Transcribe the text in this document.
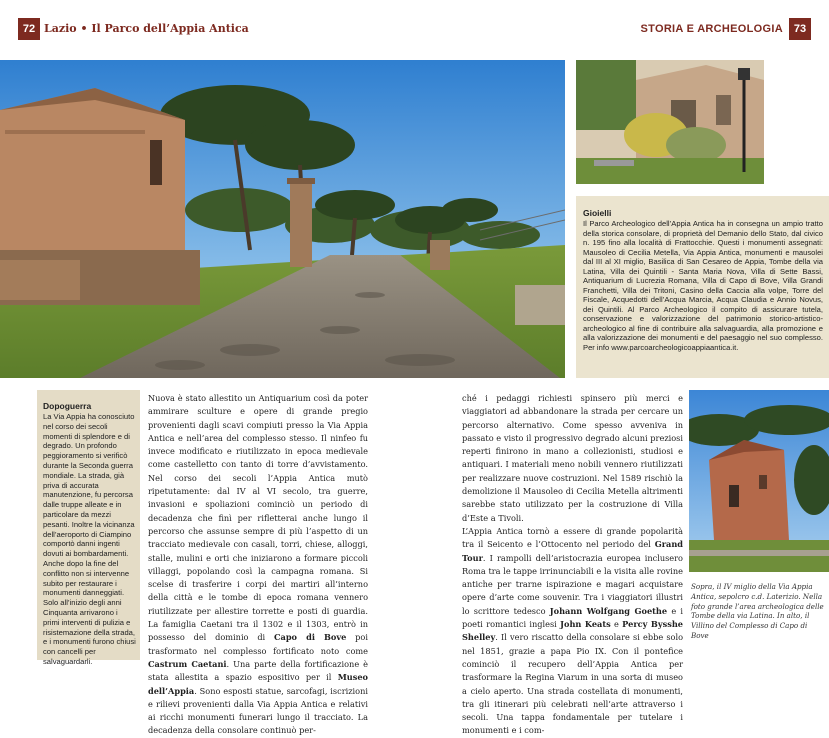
72 Lazio • Il Parco dell’Appia Antica	STORIA E ARCHEOLOGIA 73
Gioielli
Il Parco Archeologico dell’Appia Antica ha in consegna un ampio tratto della storica consolare, di proprietà del Demanio dello Stato, dal civico n. 195 fino alla località di Frattocchie. Questi i monumenti assegnati: Mausoleo di Cecilia Metella, Via Appia Antica, monumenti e mausolei dal III al XI miglio, Basilica di San Cesareo de Appia, Tombe della via Latina, Villa dei Quintili - Santa Maria Nova, Villa di Sette Bassi, Antiquarium di Lucrezia Romana, Villa di Capo di Bove, Villa Grandi Franchetti, Villa dei Tritoni, Casino della Caccia alla volpe, Torre del Fiscale, Acquedotti dell’Acqua Marcia, Acqua Claudia e Annio Novus, dei Quintili. Al Parco Archeologico il compito di assicurare tutela, conservazione e valorizzazione del patrimonio storico-artistico-archeologico al fine di contribuire alla salvaguardia, alla promozione e alla valorizzazione dei monumenti e del paesaggio nel suo complesso. Per info www.parcoarcheologicoappiaantica.it.
Dopoguerra
La Via Appia ha conosciuto nel corso dei secoli momenti di splendore e di degrado. Un profondo peggioramento si verificò durante la Seconda guerra mondiale. La strada, già priva di accurata manutenzione, fu percorsa dalle truppe alleate e in particolare da mezzi pesanti. Inoltre la vicinanza dell’aeroporto di Ciampino comportò danni ingenti dovuti ai bombardamenti. Anche dopo la fine del conflitto non si intervenne subito per restaurare i monumenti danneggiati. Solo all’inizio degli anni Cinquanta arrivarono i primi interventi di pulizia e risistemazione della strada, e i monumenti furono chiusi con cancelli per salvaguardarli.
Nuova è stato allestito un Antiquarium così da poter ammirare sculture e opere di grande pregio provenienti dagli scavi compiuti presso la Via Appia Antica e nell’area del complesso stesso. Il ninfeo fu invece modificato e riutilizzato in epoca medievale come castelletto con tanto di torre d’avvistamento. Nel corso dei secoli l’Appia Antica mutò ripetutamente: dal IV al VI secolo, tra guerre, invasioni e spoliazioni cominciò un periodo di decadenza che finì per rifletterai anche lungo il percorso che assunse sempre di più l’aspetto di un tracciato medievale con casali, torri, chiese, alloggi, stalle, mulini e orti che iniziarono a formare piccoli villaggi, popolando così la campagna romana. Si scelse di trasferire i corpi dei martiri all’interno della città e le tombe di epoca romana vennero riutilizzate per allestire torrette e posti di guardia. La famiglia Caetani tra il 1302 e il 1303, entrò in possesso del dominio di Capo di Bove poi trasformato nel complesso fortificato noto come Castrum Caetani. Una parte della fortificazione è stata allestita a spazio espositivo per il Museo dell’Appia. Sono esposti statue, sarcofagi, iscrizioni e rilievi provenienti dalla Via Appia Antica e relativi ai ricchi monumenti funerari lungo il tracciato. La decadenza della consolare continuò per-
ché i pedaggi richiesti spinsero più merci e viaggiatori ad abbandonare la strada per cercare un percorso alternativo. Come spesso avveniva in passato e visto il progressivo degrado alcuni preziosi reperti finirono in mano a collezionisti, studiosi e antiquari. I materiali meno nobili vennero riutilizzati per realizzare nuove costruzioni. Nel 1589 rischiò la demolizione il Mausoleo di Cecilia Metella altrimenti sarebbe stato utilizzato per la costruzione di Villa d’Este a Tivoli.
L’Appia Antica tornò a essere di grande popolarità tra il Seicento e l’Ottocento nel periodo del Grand Tour. I rampolli dell’aristocrazia europea inclusero Roma tra le tappe irrinunciabili e la visita alle rovine antiche per trarne ispirazione e magari acquistare opere d’arte come souvenir. Tra i viaggiatori illustri lo scrittore tedesco Johann Wolfgang Goethe e i poeti romantici inglesi John Keats e Percy Bysshe Shelley. Il vero riscatto della consolare si ebbe solo nel 1851, grazie a papa Pio IX. Con il pontefice cominciò il recupero dell’Appia Antica per trasformare la Regina Viarum in una sorta di museo a cielo aperto. Una strada costellata di monumenti, tra gli itinerari più celebrati nell’arte attraverso i secoli. Una tappa fondamentale per tutelare i monumenti e i com-
Sopra, il IV miglio della Via Appia Antica, sepolcro c.d. Laterizio. Nella foto grande l’area archeologica delle Tombe della via Latina. In alto, il Villino del Complesso di Capo di Bove
